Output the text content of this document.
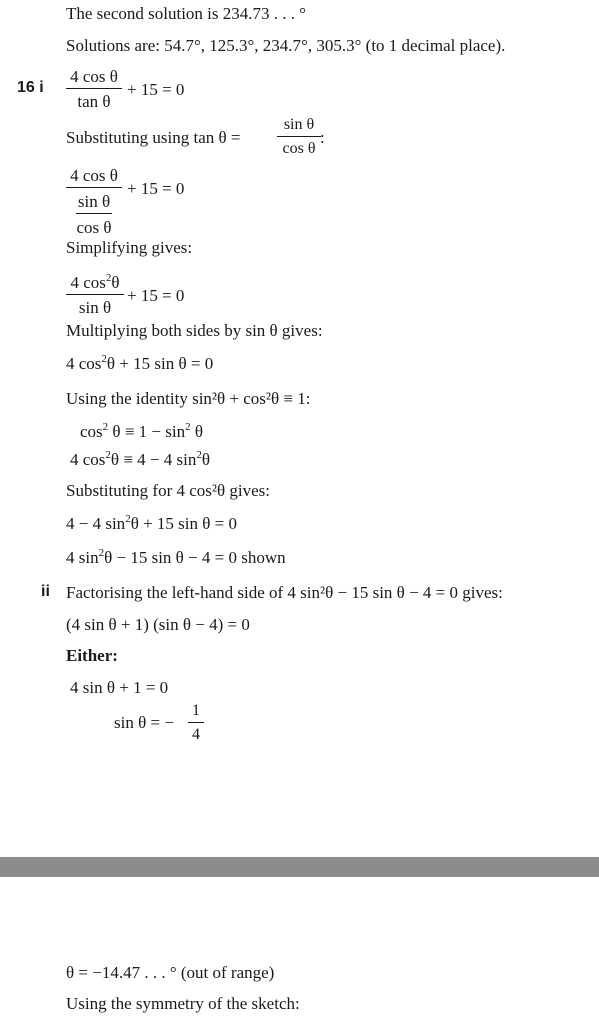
The second solution is 234.73 . . . °
Solutions are: 54.7°, 125.3°, 234.7°, 305.3° (to 1 decimal place).
16 i
4 cos θ
tan θ
+ 15 = 0
Substituting using tan θ =
sin θ
cos θ
:
4 cos θ
$\frac{\text{sin θ}}{\text{cos θ}}$
+ 15 = 0
Simplifying gives:
4 $\cos^2\theta$
sin θ
+ 15 = 0
Multiplying both sides by sin θ gives:
4 $\cos^2\theta + 15$ sin θ = 0
Using the identity sin²θ + cos²θ ≡ 1:
$\cos^2 \theta \equiv 1 - \sin^2 \theta$
4 $\cos^2\theta \equiv 4 - 4$ $\sin^2\theta$
Substituting for 4 cos²θ gives:
4 − 4 $\sin^2\theta + 15$ sin θ = 0
4 $\sin^2\theta - 15$ sin θ − 4 = 0 shown
ii Factorising the left-hand side of 4 sin²θ − 15 sin θ − 4 = 0 gives:
(4 sin θ + 1) (sin θ − 4) = 0
Either:
4 sin θ + 1 = 0
sin θ = −
1
4
θ = −14.47 . . . ° (out of range)
Using the symmetry of the sketch:
